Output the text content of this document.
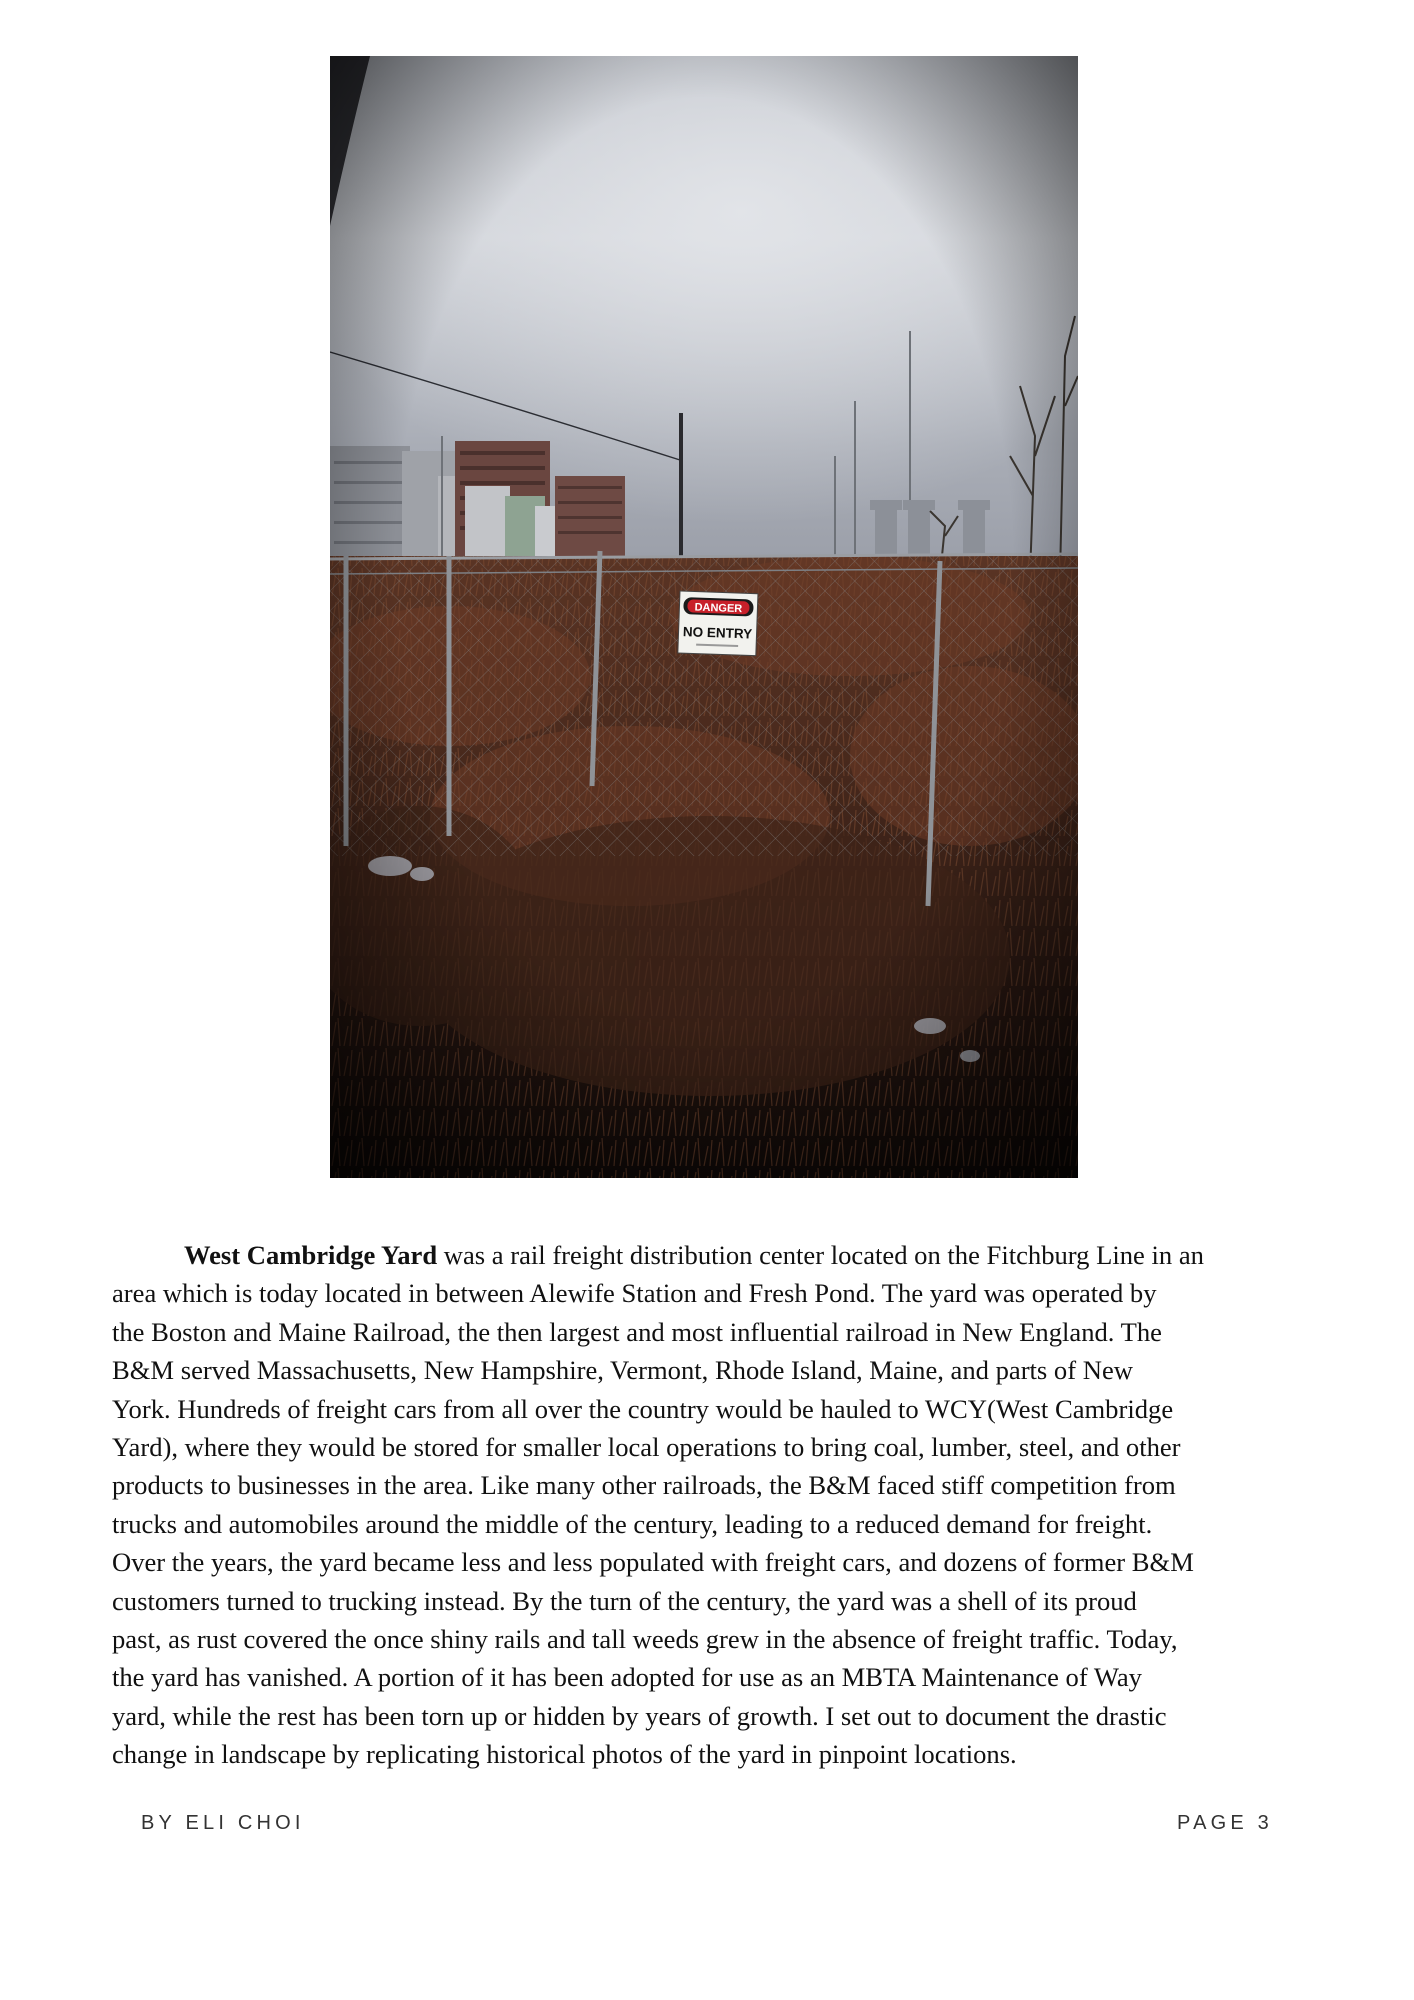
West Cambridge Yard was a rail freight distribution center located on the Fitchburg Line in an
area which is today located in between Alewife Station and Fresh Pond. The yard was operated by
the Boston and Maine Railroad, the then largest and most influential railroad in New England. The
B&M served Massachusetts, New Hampshire, Vermont, Rhode Island, Maine, and parts of New
York. Hundreds of freight cars from all over the country would be hauled to WCY(West Cambridge
Yard), where they would be stored for smaller local operations to bring coal, lumber, steel, and other
products to businesses in the area. Like many other railroads, the B&M faced stiff competition from
trucks and automobiles around the middle of the century, leading to a reduced demand for freight.
Over the years, the yard became less and less populated with freight cars, and dozens of former B&M
customers turned to trucking instead. By the turn of the century, the yard was a shell of its proud
past, as rust covered the once shiny rails and tall weeds grew in the absence of freight traffic. Today,
the yard has vanished. A portion of it has been adopted for use as an MBTA Maintenance of Way
yard, while the rest has been torn up or hidden by years of growth. I set out to document the drastic
change in landscape by replicating historical photos of the yard in pinpoint locations.

BY ELI CHOI	PAGE 3
